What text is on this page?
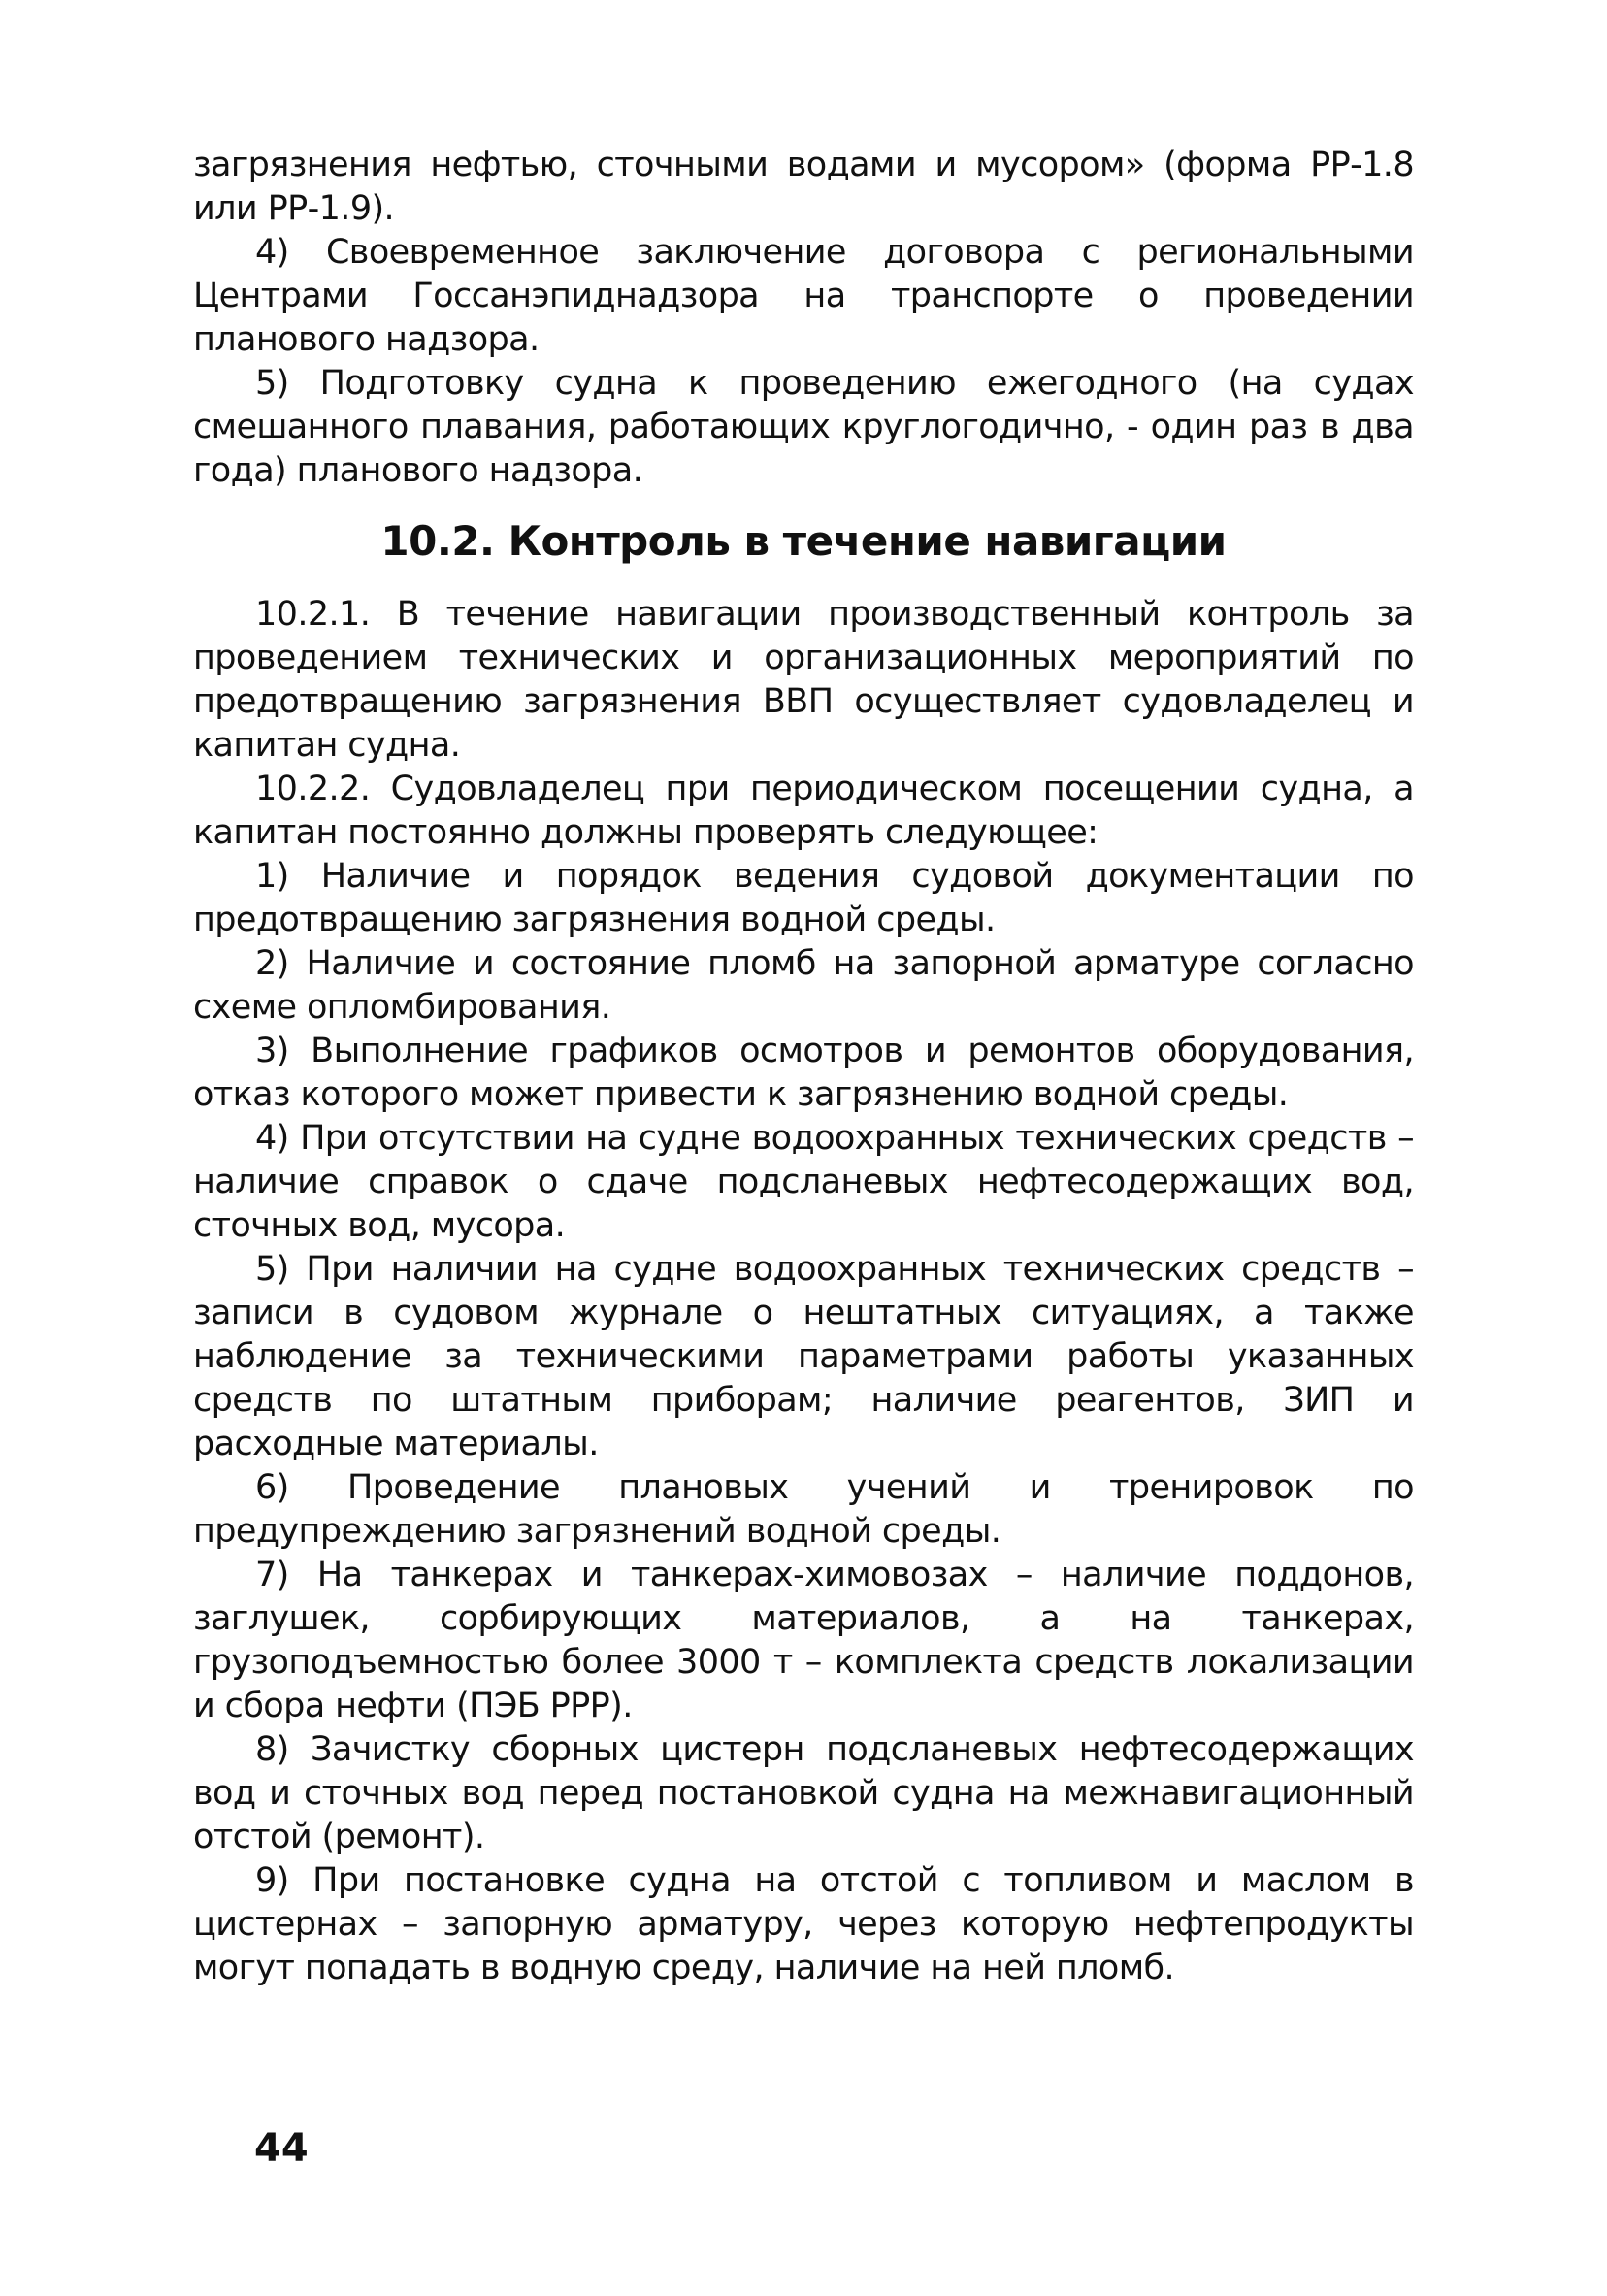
загрязнения нефтью, сточными водами и мусором» (форма РР-1.8 или РР-1.9).

4) Своевременное заключение договора с региональными Центрами Госсанэпиднадзора на транспорте о проведении планового надзора.

5) Подготовку судна к проведению ежегодного (на судах смешанного плавания, работающих круглогодично, - один раз в два года) планового надзора.

10.2. Контроль в течение навигации

10.2.1. В течение навигации производственный контроль за проведением технических и организационных мероприятий по предотвращению загрязнения ВВП осуществляет судовладелец и капитан судна.

10.2.2. Судовладелец при периодическом посещении судна, а капитан постоянно должны проверять следующее:

1) Наличие и порядок ведения судовой документации по предотвращению загрязнения водной среды.

2) Наличие и состояние пломб на запорной арматуре согласно схеме опломбирования.

3) Выполнение графиков осмотров и ремонтов оборудования, отказ которого может привести к загрязнению водной среды.

4) При отсутствии на судне водоохранных технических средств – наличие справок о сдаче подсланевых нефтесодержащих вод, сточных вод, мусора.

5) При наличии на судне водоохранных технических средств – записи в судовом журнале о нештатных ситуациях, а также наблюдение за техническими параметрами работы указанных средств по штатным приборам; наличие реагентов, ЗИП и расходные материалы.

6) Проведение плановых учений и тренировок по предупреждению загрязнений водной среды.

7) На танкерах и танкерах-химовозах – наличие поддонов, заглушек, сорбирующих материалов, а на танкерах, грузоподъемностью более 3000 т – комплекта средств локализации и сбора нефти (ПЭБ РРР).

8) Зачистку сборных цистерн подсланевых нефтесодержащих вод и сточных вод перед постановкой судна на межнавигационный отстой (ремонт).

9) При постановке судна на отстой с топливом и маслом в цистернах – запорную арматуру, через которую нефтепродукты могут попадать в водную среду, наличие на ней пломб.

44
